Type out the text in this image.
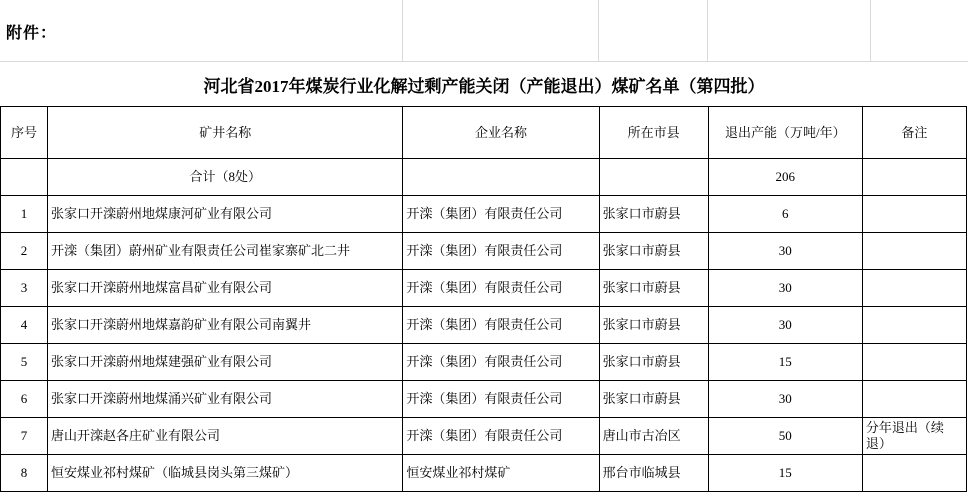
附件：
河北省2017年煤炭行业化解过剩产能关闭（产能退出）煤矿名单（第四批）
序号	矿井名称	企业名称	所在市县	退出产能（万吨/年）	备注
	合计（8处）			206	
1	张家口开滦蔚州地煤康河矿业有限公司	开滦（集团）有限责任公司	张家口市蔚县	6	
2	开滦（集团）蔚州矿业有限责任公司崔家寨矿北二井	开滦（集团）有限责任公司	张家口市蔚县	30	
3	张家口开滦蔚州地煤富昌矿业有限公司	开滦（集团）有限责任公司	张家口市蔚县	30	
4	张家口开滦蔚州地煤嘉韵矿业有限公司南翼井	开滦（集团）有限责任公司	张家口市蔚县	30	
5	张家口开滦蔚州地煤建强矿业有限公司	开滦（集团）有限责任公司	张家口市蔚县	15	
6	张家口开滦蔚州地煤涌兴矿业有限公司	开滦（集团）有限责任公司	张家口市蔚县	30	
7	唐山开滦赵各庄矿业有限公司	开滦（集团）有限责任公司	唐山市古冶区	50	分年退出（续退）
8	恒安煤业祁村煤矿（临城县岗头第三煤矿）	恒安煤业祁村煤矿	邢台市临城县	15	
